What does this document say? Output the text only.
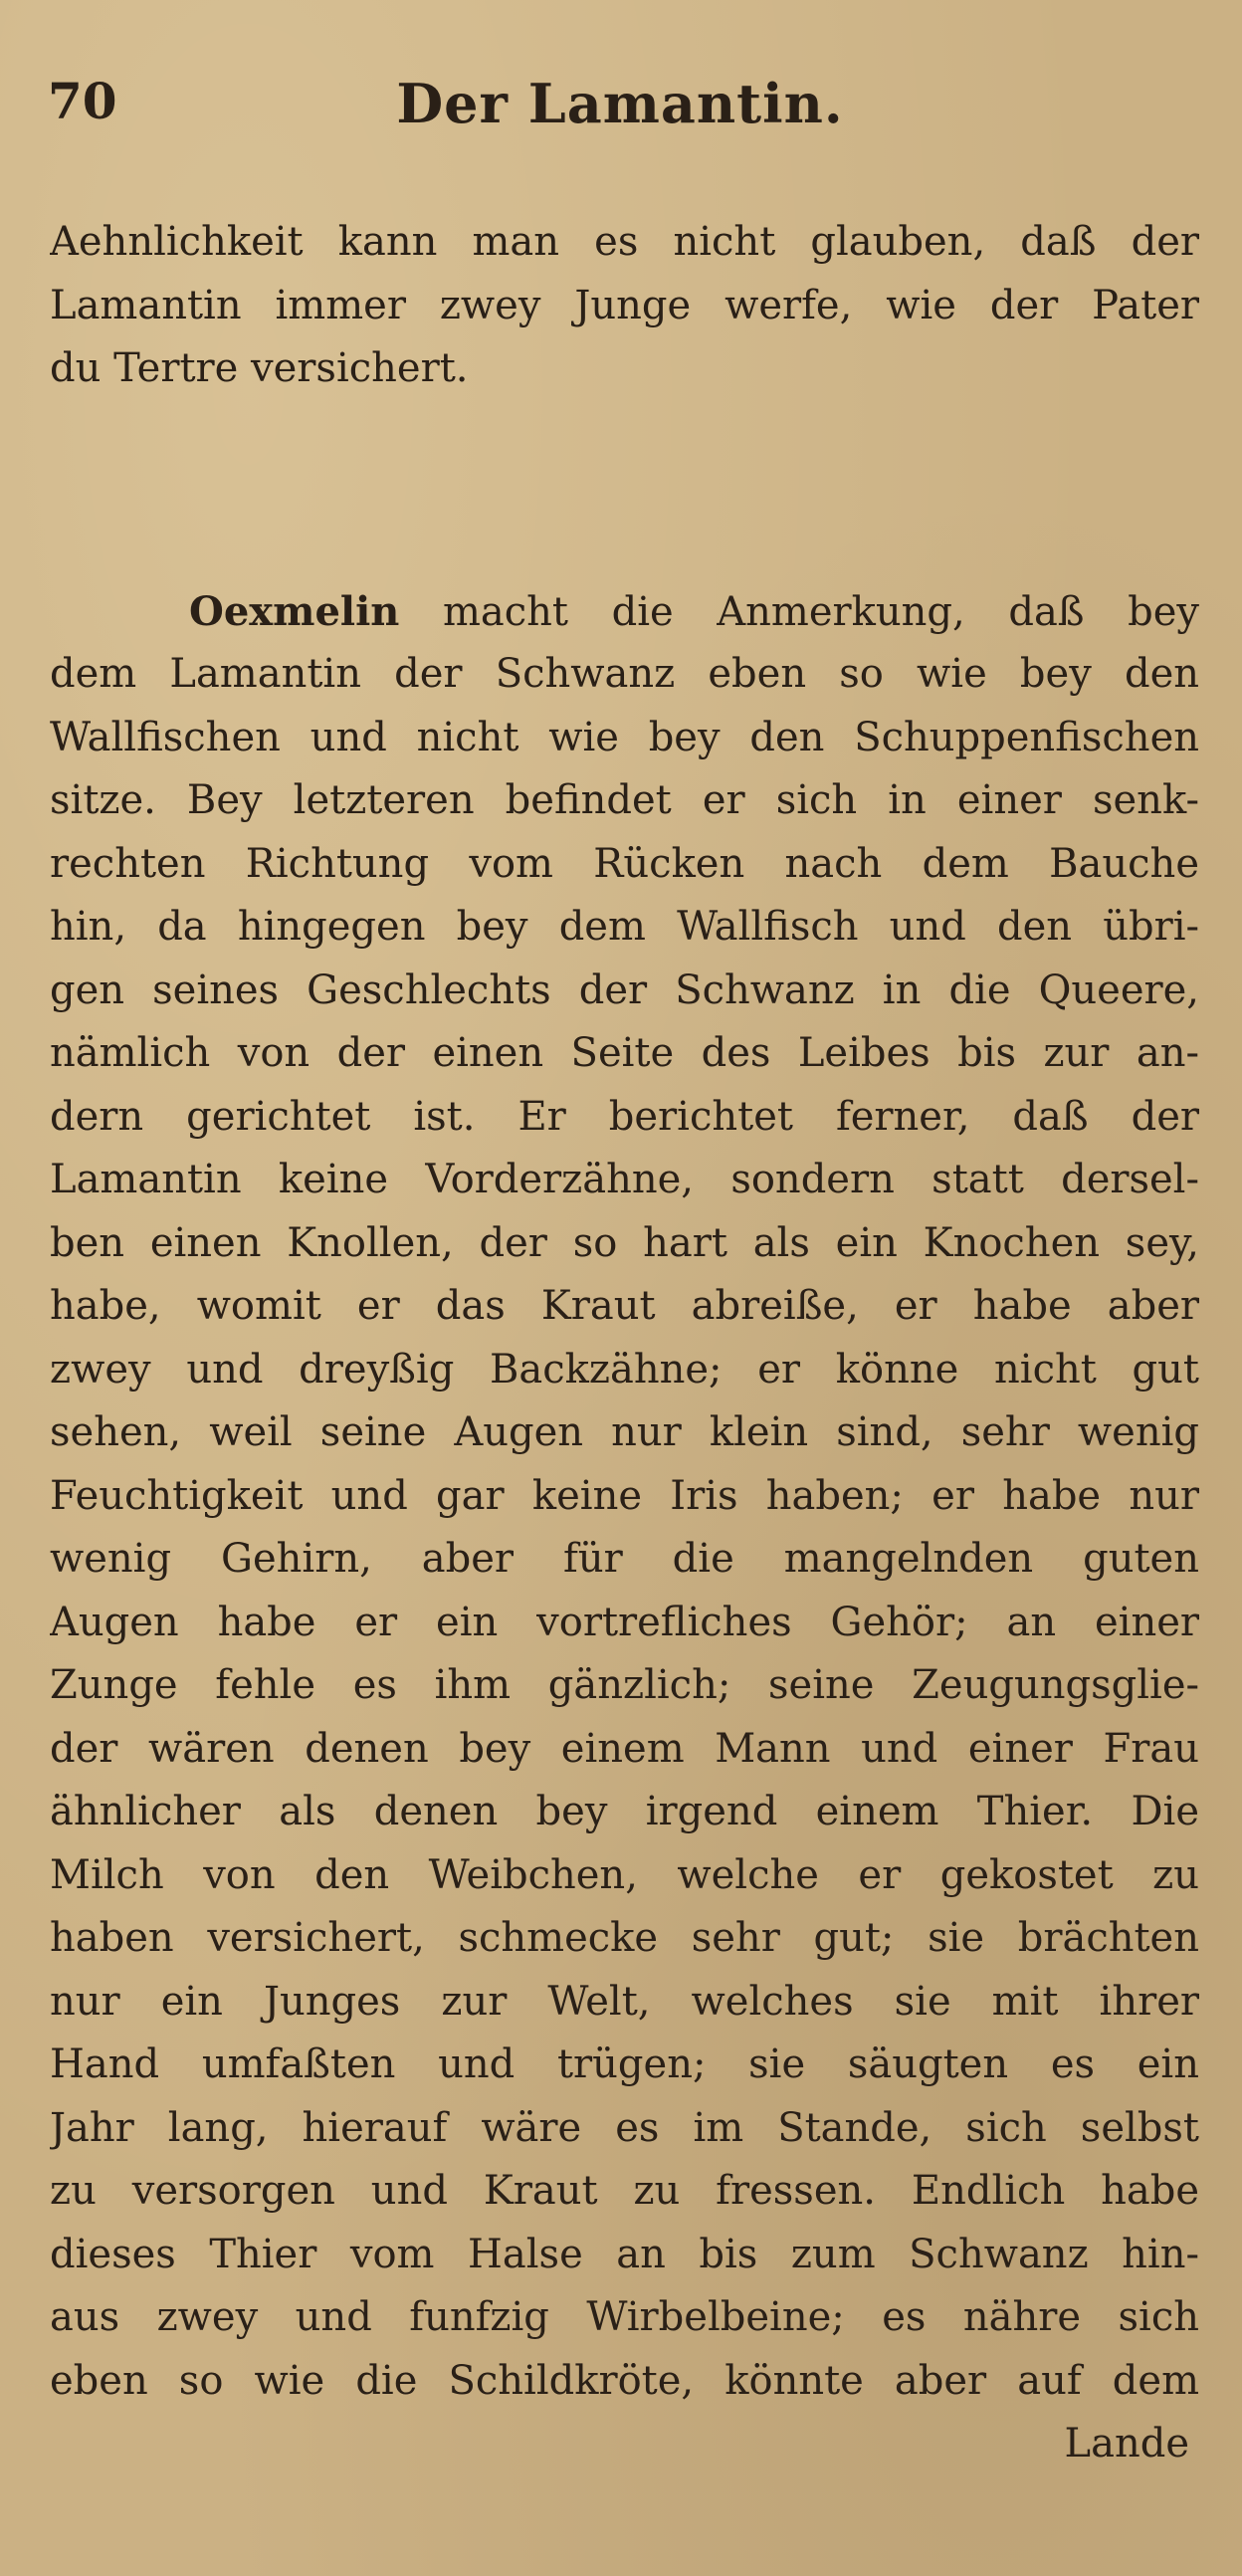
70	Der Lamantin.
Aehnlichkeit kann man es nicht glauben, daß der
Lamantin immer zwey Junge werfe, wie der Pater
du Tertre versichert.
Oexmelin macht die Anmerkung, daß bey
dem Lamantin der Schwanz eben so wie bey den
Wallfischen und nicht wie bey den Schuppenfischen
sitze. Bey letzteren befindet er sich in einer senk-
rechten Richtung vom Rücken nach dem Bauche
hin, da hingegen bey dem Wallfisch und den übri-
gen seines Geschlechts der Schwanz in die Queere,
nämlich von der einen Seite des Leibes bis zur an-
dern gerichtet ist. Er berichtet ferner, daß der
Lamantin keine Vorderzähne, sondern statt dersel-
ben einen Knollen, der so hart als ein Knochen sey,
habe, womit er das Kraut abreiße, er habe aber
zwey und dreyßig Backzähne; er könne nicht gut
sehen, weil seine Augen nur klein sind, sehr wenig
Feuchtigkeit und gar keine Iris haben; er habe nur
wenig Gehirn, aber für die mangelnden guten
Augen habe er ein vortrefliches Gehör; an einer
Zunge fehle es ihm gänzlich; seine Zeugungsglie-
der wären denen bey einem Mann und einer Frau
ähnlicher als denen bey irgend einem Thier. Die
Milch von den Weibchen, welche er gekostet zu
haben versichert, schmecke sehr gut; sie brächten
nur ein Junges zur Welt, welches sie mit ihrer
Hand umfaßten und trügen; sie säugten es ein
Jahr lang, hierauf wäre es im Stande, sich selbst
zu versorgen und Kraut zu fressen. Endlich habe
dieses Thier vom Halse an bis zum Schwanz hin-
aus zwey und funfzig Wirbelbeine; es nähre sich
eben so wie die Schildkröte, könnte aber auf dem
Lande
